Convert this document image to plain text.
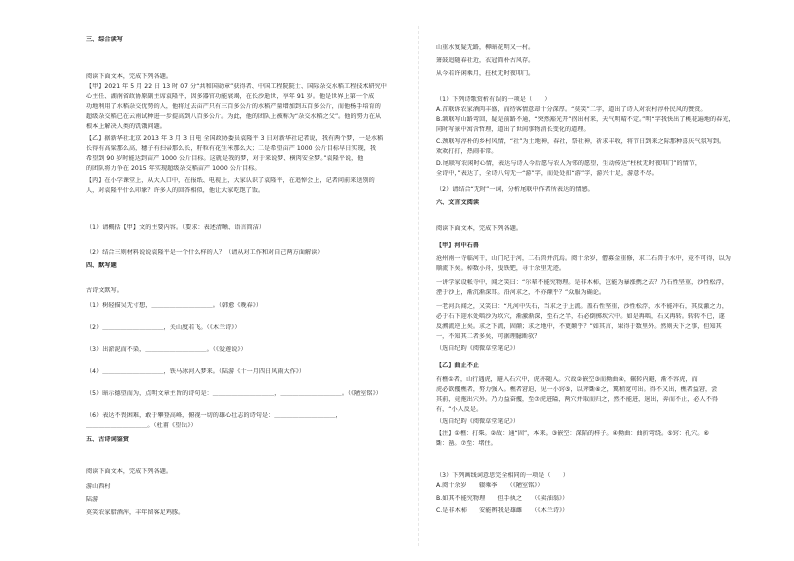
三、综合读写
阅读下面文本，完成下列各题。
【甲】2021 年 5 月 22 日 13 时 07 分“共和国勋章”获得者、中国工程院院士、国际杂交水稻工程技术研究中
心主任、湖南省政协原副主席袁隆平，因多器官功能衰竭，在长沙逝世，享年 91 岁。他是世界上第一个成
功地利用了水稻杂交优势的人，他将过去亩产只有三百多公斤的水稻产量增加到五百多公斤，而他杨手培育的
超级杂交稻已在云南试种进一步提高到八百多公斤。为此，他的团队上被称为“杂交水稻之父”。他的努力在从
根本上解决人类的饥饿问题。
【乙】据新华社北京 2013 年 3 月 3 日电 全国政协委员袁隆平 3 日对新华社记者说，我有两个梦，一是水稻
长得有高粱那么高，穗子有扫帚那么长，籽粒有花生米那么大；二是希望亩产 1000 公斤目标早日实现，我
希望到 90 岁时能达到亩产 1000 公斤目标。这就是我的梦，对于来说梦、横肉安全梦。”袁隆平说，他
的团队将力争在 2015 年实现超级杂交稻亩产 1000 公斤目标。
【丙】在小学课堂上，从大人口中，在报纸、电视上，大家认识了袁隆平，在追悼会上，记者问前来送别的
人，对袁隆平什么印象？许多人的回答相似，他让大家吃饱了饭。
（1）请概括【甲】文的主要内容。（要求：表述清晰、语言简洁）
（2）结合三则材料说说袁隆平是一个什么样的人？（请从对工作和对自己两方面解读）
四、默写题
古诗文默写。
（1）树轻描吴无寸想，＿＿＿＿＿＿＿＿＿＿。（韩愈《晚春》）
（2）＿＿＿＿＿＿＿＿＿＿，关山度若飞。（《木兰诗》）
（3）出淤泥而不染，＿＿＿＿＿＿＿＿＿＿。（《爱莲说》）
（4）＿＿＿＿＿＿＿＿＿＿，铁马冰河入梦来。（陆游《十一月四日风雨大作》）
（5）暗示德望而为，点明文章主旨的诗句是：＿＿＿＿＿＿＿＿＿＿，＿＿＿＿＿＿＿＿＿＿。（《陋室铭》）
（6）表达不畏困难，敢于攀登高峰，俯视一切的雄心壮志的诗句是：＿＿＿＿＿＿＿＿＿＿，
＿＿＿＿＿＿＿＿＿＿。（杜甫《望岳》）
五、古诗词鉴赏
阅读下面文本，完成下列各题。
游山西村
陆游
莫笑农家腊酒浑，丰年留客足鸡豚。
山重水复疑无路，柳暗花明又一村。
箫鼓追随春社近，衣冠简朴古风存。
从今若许闲乘月，拄杖无时夜叩门。
（1）下列诗歌赏析有误的一项是（　　）
A.首联诉农家酒肉丰盛，而待客情意却十分深厚。“莫笑”二字，道出了诗人对农村淳朴民风的赞赏。
B.颔联写山路弯回，疑是前路不通，“突然豁光开”拐出村来，天气明晴不定。”明“字我快出了桃花遍地的春光，
同时写景中寓含哲理，道出了世间事物消长变化的道理。
C.颈联写淳朴的乡村风情，“社”为土地神，春社，祭社神，祈求丰收，将节日到来之际那种喜庆气氛写到。
欢欢打打，热闹非常。
D.尾联写农闲时心情，表达与诗人今后愿与农人为邻的愿望，生动传达“柱杖无时夜叩门”的情节，
全诗中，”表达了，全诗八句无一“游”字，而处处扣“游”字，游兴十足，游意不尽。
（2）请结合“无时”一词，分析尾联中作者所表达的情感。
六、文言文阅读
阅读下面文本，完成下列各题。
【甲】河中石兽
沧州南一寺临河干，山门圮于河，二石兽并沉焉。阅十余岁，僧募金重修，求二石兽于水中，竟不可得，以为
顺流下矣。棹数小舟，曳铁钯，寻十余里无迹。
一讲学家设帐寺中，闻之笑曰：“尔辈不能究物理。是非木柿，岂能为暴涨携之去？乃石性坚重，沙性松浮，
湮于沙上，渐沉渐深耳。沿河求之，不亦颠乎？”众服为确论。
一老河兵闻之，又笑曰：“凡河中失石，当求之于上流。盖石性坚重，沙性松浮，水不能冲石，其反激之力，
必于石下迎水处啮沙为坎穴，渐激渐深，至石之半，石必倒掷坎穴中。如是再啮，石又再转。转转不已，遂
反溯流逆上矣。求之下流，固颠；求之地中，不更颠乎？”如其言，果得于数里外。然则天下之事，但知其
一，不知其二者多矣，可据理臆断欤？
（选自纪昀《阅微草堂笔记》）
【乙】曲止不止
有樵①者，山行遇虎，避入石穴中，虎亦随入。穴故②嵌空③而拗曲④，辗转内避，渐不容虎，而
虎必欲攫樵者，努力强入。樵者窘迫，见一小窍⑤，以斧斲⑥之，冀稍宽可出。得不又出，樵者益窘，尝
其前，竟拖出穴外。乃力益奋攫，至⑦虎进隘，两穴并取而归之，然不能进，退出，奔而不止，必人不得
有，“小人反是。
（选自纪昀《阅微草堂笔记》）
【注】①樵：打柴。②故：通“固”，本来。③嵌空：深陷的样子。④拗曲：曲折弯绕。⑤窍：孔穴。⑥
斲：凿。⑦至：堵住。
（3）下列画线词意思完全相同的一项是（　　）
A.阅十余岁　　辍乘季　　（《陋室铭》）
B.如其不能究物理　　但手执之　　（《卖油翁》）
C.是非木柿　　安能辨我是雄雌　　（《木兰诗》）
